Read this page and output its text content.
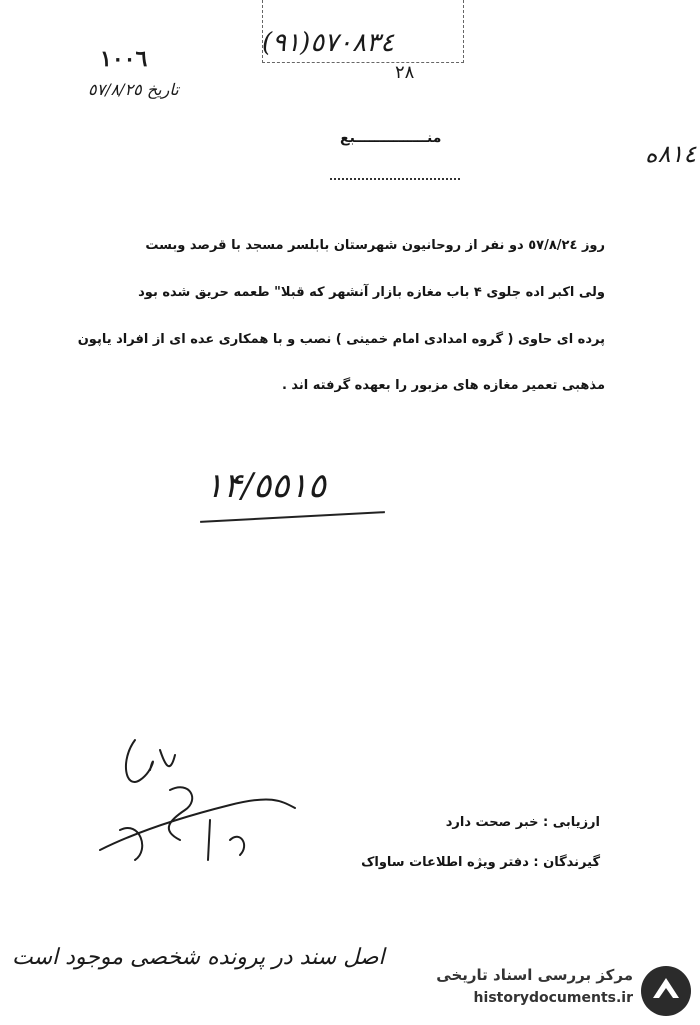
٥٧٠٨٣٤(٩١)
٢٨
١٠٠٦
تاریخ ٥٧/٨/٢٥
٨١٤ه
منـــــــــــــــبع
روز ٥٧/٨/٢٤ دو نفر از روحانیون شهرستان بابلسر مسجد با قرصد وبست
ولی اکبر اده جلوی ۴ باب مغازه بازار آنشهر که قبلا" طعمه حریق شده بود
پرده ای حاوی ( گروه امدادی امام خمینی ) نصب و با همکاری عده ای از افراد یاپون
مذهبی تعمیر مغازه های مزبور را بعهده گرفته اند .
١۴/٥٥١٥
ارزیابی : خبر صحت دارد
گیرندگان : دفتر ویژه اطلاعات ساواک
اصل سند در پرونده شخصی موجود است
مرکز بررسی اسناد تاریخی
historydocuments.ir
